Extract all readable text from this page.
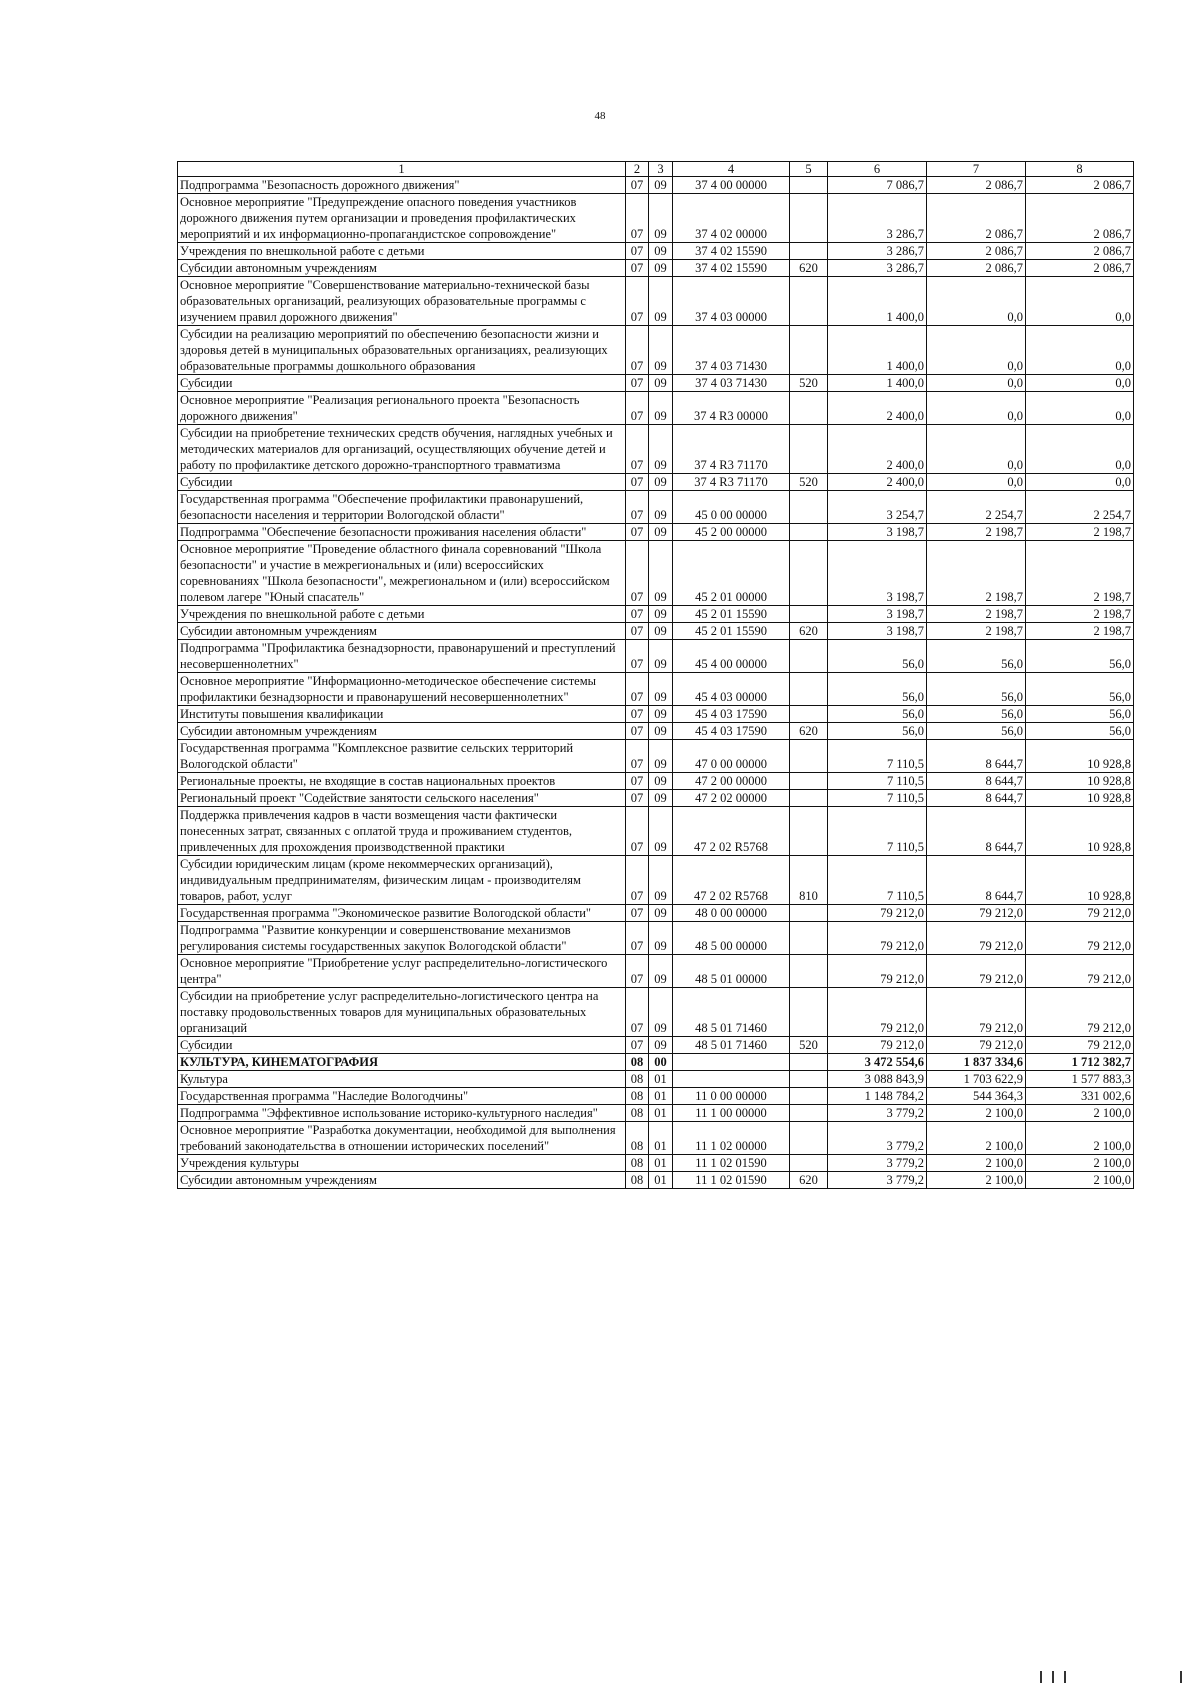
48
1	2	3	4	5	6	7	8
Подпрограмма "Безопасность дорожного движения"	07	09	37 4 00 00000		7 086,7	2 086,7	2 086,7
Основное мероприятие "Предупреждение опасного поведения участников дорожного движения путем организации и проведения профилактических мероприятий и их информационно-пропагандистское сопровождение"	07	09	37 4 02 00000		3 286,7	2 086,7	2 086,7
Учреждения по внешкольной работе с детьми	07	09	37 4 02 15590		3 286,7	2 086,7	2 086,7
Субсидии автономным учреждениям	07	09	37 4 02 15590	620	3 286,7	2 086,7	2 086,7
Основное мероприятие "Совершенствование материально-технической базы образовательных организаций, реализующих образовательные программы с изучением правил дорожного движения"	07	09	37 4 03 00000		1 400,0	0,0	0,0
Субсидии на реализацию мероприятий по обеспечению безопасности жизни и здоровья детей в муниципальных образовательных организациях, реализующих образовательные программы дошкольного образования	07	09	37 4 03 71430		1 400,0	0,0	0,0
Субсидии	07	09	37 4 03 71430	520	1 400,0	0,0	0,0
Основное мероприятие "Реализация регионального проекта "Безопасность дорожного движения"	07	09	37 4 R3 00000		2 400,0	0,0	0,0
Субсидии на приобретение технических средств обучения, наглядных учебных и методических материалов для организаций, осуществляющих обучение детей и работу по профилактике детского дорожно-транспортного травматизма	07	09	37 4 R3 71170		2 400,0	0,0	0,0
Субсидии	07	09	37 4 R3 71170	520	2 400,0	0,0	0,0
Государственная программа "Обеспечение профилактики правонарушений, безопасности населения и территории Вологодской области"	07	09	45 0 00 00000		3 254,7	2 254,7	2 254,7
Подпрограмма "Обеспечение безопасности проживания населения области"	07	09	45 2 00 00000		3 198,7	2 198,7	2 198,7
Основное мероприятие "Проведение областного финала соревнований "Школа безопасности" и участие в межрегиональных и (или) всероссийских соревнованиях "Школа безопасности", межрегиональном и (или) всероссийском полевом лагере "Юный спасатель"	07	09	45 2 01 00000		3 198,7	2 198,7	2 198,7
Учреждения по внешкольной работе с детьми	07	09	45 2 01 15590		3 198,7	2 198,7	2 198,7
Субсидии автономным учреждениям	07	09	45 2 01 15590	620	3 198,7	2 198,7	2 198,7
Подпрограмма "Профилактика безнадзорности, правонарушений и преступлений несовершеннолетних"	07	09	45 4 00 00000		56,0	56,0	56,0
Основное мероприятие "Информационно-методическое обеспечение системы профилактики безнадзорности и правонарушений несовершеннолетних"	07	09	45 4 03 00000		56,0	56,0	56,0
Институты повышения квалификации	07	09	45 4 03 17590		56,0	56,0	56,0
Субсидии автономным учреждениям	07	09	45 4 03 17590	620	56,0	56,0	56,0
Государственная программа "Комплексное развитие сельских территорий Вологодской области"	07	09	47 0 00 00000		7 110,5	8 644,7	10 928,8
Региональные проекты, не входящие в состав национальных проектов	07	09	47 2 00 00000		7 110,5	8 644,7	10 928,8
Региональный проект "Содействие занятости сельского населения"	07	09	47 2 02 00000		7 110,5	8 644,7	10 928,8
Поддержка привлечения кадров в части возмещения части фактически понесенных затрат, связанных с оплатой труда и проживанием студентов, привлеченных для прохождения производственной практики	07	09	47 2 02 R5768		7 110,5	8 644,7	10 928,8
Субсидии юридическим лицам (кроме некоммерческих организаций), индивидуальным предпринимателям, физическим лицам - производителям товаров, работ, услуг	07	09	47 2 02 R5768	810	7 110,5	8 644,7	10 928,8
Государственная программа "Экономическое развитие Вологодской области"	07	09	48 0 00 00000		79 212,0	79 212,0	79 212,0
Подпрограмма "Развитие конкуренции и совершенствование механизмов регулирования системы государственных закупок Вологодской области"	07	09	48 5 00 00000		79 212,0	79 212,0	79 212,0
Основное мероприятие "Приобретение услуг распределительно-логистического центра"	07	09	48 5 01 00000		79 212,0	79 212,0	79 212,0
Субсидии на приобретение услуг распределительно-логистического центра на поставку продовольственных товаров для муниципальных образовательных организаций	07	09	48 5 01 71460		79 212,0	79 212,0	79 212,0
Субсидии	07	09	48 5 01 71460	520	79 212,0	79 212,0	79 212,0
КУЛЬТУРА, КИНЕМАТОГРАФИЯ	08	00			3 472 554,6	1 837 334,6	1 712 382,7
Культура	08	01			3 088 843,9	1 703 622,9	1 577 883,3
Государственная программа "Наследие Вологодчины"	08	01	11 0 00 00000		1 148 784,2	544 364,3	331 002,6
Подпрограмма "Эффективное использование историко-культурного наследия"	08	01	11 1 00 00000		3 779,2	2 100,0	2 100,0
Основное мероприятие "Разработка документации, необходимой для выполнения требований законодательства в отношении исторических поселений"	08	01	11 1 02 00000		3 779,2	2 100,0	2 100,0
Учреждения культуры	08	01	11 1 02 01590		3 779,2	2 100,0	2 100,0
Субсидии автономным учреждениям	08	01	11 1 02 01590	620	3 779,2	2 100,0	2 100,0
